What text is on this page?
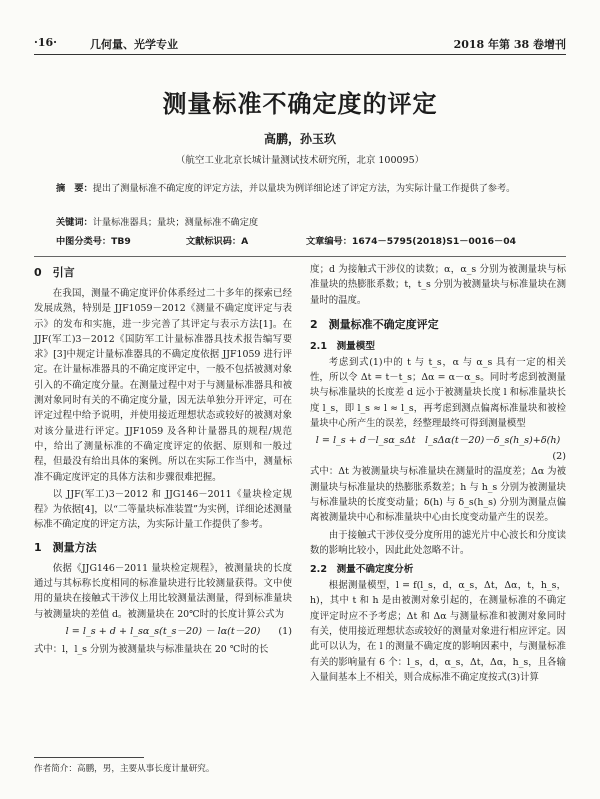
·16·	几何量、光学专业	2018 年第 38 卷增刊
测量标准不确定度的评定
高鹏，孙玉玖
（航空工业北京长城计量测试技术研究所，北京 100095）
摘　要：提出了测量标准不确定度的评定方法，并以量块为例详细论述了评定方法，为实际计量工作提供了参考。
关键词：计量标准器具；量块；测量标准不确定度
中图分类号：TB9	文献标识码：A	文章编号：1674－5795(2018)S1－0016－04
0　引言

在我国，测量不确定度评价体系经过二十多年的探索已经发展成熟，特别是 JJF1059－2012《测量不确定度评定与表示》的发布和实施，进一步完善了其评定与表示方法[1]。在 JJF(军工)3－2012《国防军工计量标准器具技术报告编写要求》[3]中规定计量标准器具的不确定度依据 JJF1059 进行评定。在计量标准器具的不确定度评定中，一般不包括被测对象引入的不确定度分量。在测量过程中对于与测量标准器具和被测对象同时有关的不确定度分量，因无法单独分开评定，可在评定过程中给予说明，并使用接近理想状态或较好的被测对象对该分量进行评定。JJF1059 及各种计量器具的规程/规范中，给出了测量标准的不确定度评定的依据、原则和一般过程，但最没有给出具体的案例。所以在实际工作当中，测量标准不确定度评定的具体方法和步骤很难把握。

以 JJF(军工)3－2012 和 JJG146－2011《量块检定规程》为依据[4]，以“二等量块标准装置”为实例，详细论述测量标准不确定度的评定方法，为实际计量工作提供了参考。

1　测量方法

依据《JJG146－2011 量块检定规程》，被测量块的长度通过与其标称长度相同的标准量块进行比较测量获得。文中使用的量块在接触式干涉仪上用比较测量法测量，得到标准量块与被测量块的差值 d。被测量块在 20℃时的长度计算公式为

l = l_s + d + l_sα_s(t_s－20) － lα(t－20) (1)

式中：l，l_s 分别为被测量块与标准量块在 20 ℃时的长

度；d 为接触式干涉仪的读数；α，α_s 分别为被测量块与标准量块的热膨胀系数；t，t_s 分别为被测量块与标准量块在测量时的温度。

2　测量标准不确定度评定
2.1　测量模型

考虑到式(1)中的 t 与 t_s，α 与 α_s 具有一定的相关性，所以令 Δt = t－t_s；Δα = α－α_s。同时考虑到被测量块与标准量块的长度差 d 远小于被测量块长度 l 和标准量块长度 l_s，即 l_s ≈ l ≈ l_s，再考虑到测点偏离标准量块和被检量块中心所产生的误差，经整理最终可得到测量模型

l = l_s + d－l_sα_sΔt　l_sΔα(t－20)－δ_s(h_s)+δ(h)
(2)

式中：Δt 为被测量块与标准量块在测量时的温度差；Δα 为被测量块与标准量块的热膨胀系数差；h 与 h_s 分别为被测量块与标准量块的长度变动量；δ(h) 与 δ_s(h_s) 分别为测量点偏离被测量块中心和标准量块中心由长度变动量产生的误差。

由于接触式干涉仪受分度所用的滤光片中心波长和分度读数的影响比较小，因此此处忽略不计。

2.2　测量不确定度分析

根据测量模型，l = f(l_s，d，α_s，Δt，Δα，t，h_s，h)，其中 t 和 h 是由被测对象引起的，在测量标准的不确定度评定时应不予考虑；Δt 和 Δα 与测量标准和被测对象同时有关，使用接近理想状态或较好的测量对象进行相应评定。因此可以认为，在 l 的测量不确定度的影响因素中，与测量标准有关的影响量有 6 个：l_s，d，α_s，Δt，Δα，h_s，且各输入量间基本上不相关，则合成标准不确定度按式(3)计算

作者简介：高鹏，男，主要从事长度计量研究。
